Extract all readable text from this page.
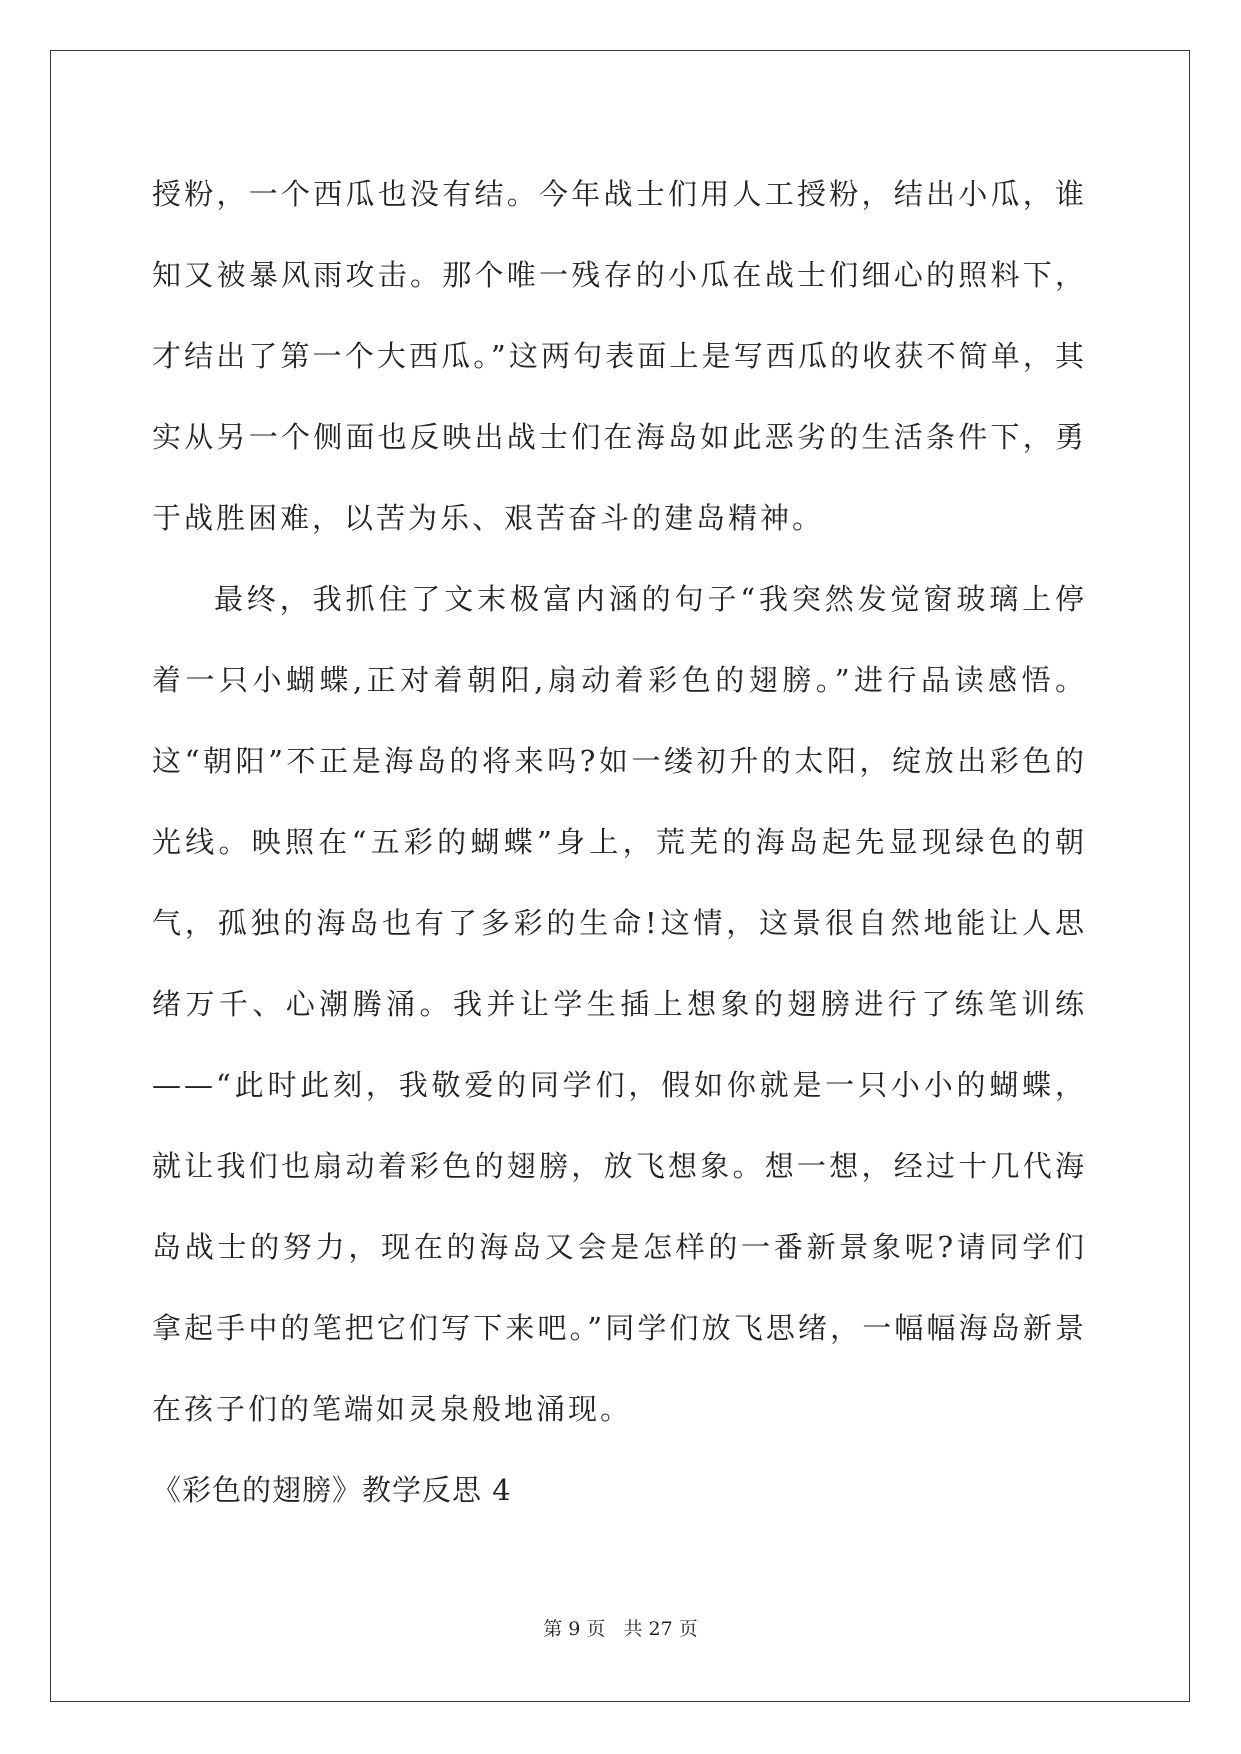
授粉，一个西瓜也没有结。今年战士们用人工授粉，结出小瓜，谁知又被暴风雨攻击。那个唯一残存的小瓜在战士们细心的照料下，才结出了第一个大西瓜。”这两句表面上是写西瓜的收获不简单，其实从另一个侧面也反映出战士们在海岛如此恶劣的生活条件下，勇于战胜困难，以苦为乐、艰苦奋斗的建岛精神。

最终，我抓住了文末极富内涵的句子“我突然发觉窗玻璃上停着一只小蝴蝶,正对着朝阳,扇动着彩色的翅膀。”进行品读感悟。这“朝阳”不正是海岛的将来吗?如一缕初升的太阳，绽放出彩色的光线。映照在“五彩的蝴蝶”身上，荒芜的海岛起先显现绿色的朝气，孤独的海岛也有了多彩的生命!这情，这景很自然地能让人思绪万千、心潮腾涌。我并让学生插上想象的翅膀进行了练笔训练——“此时此刻，我敬爱的同学们，假如你就是一只小小的蝴蝶，就让我们也扇动着彩色的翅膀，放飞想象。想一想，经过十几代海岛战士的努力，现在的海岛又会是怎样的一番新景象呢?请同学们拿起手中的笔把它们写下来吧。”同学们放飞思绪，一幅幅海岛新景在孩子们的笔端如灵泉般地涌现。

《彩色的翅膀》教学反思 4

第 9 页   共 27 页
